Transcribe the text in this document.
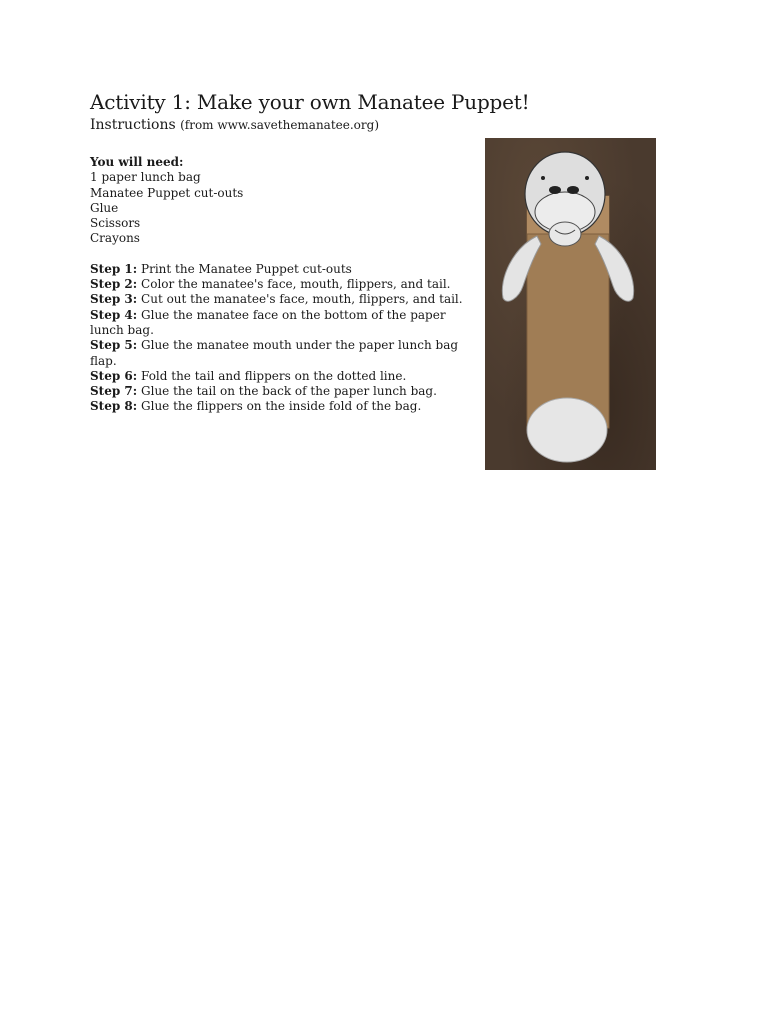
Activity 1: Make your own Manatee Puppet!
Instructions (from www.savethemanatee.org)
You will need:
1 paper lunch bag
Manatee Puppet cut-outs
Glue
Scissors
Crayons
Step 1: Print the Manatee Puppet cut-outs
Step 2: Color the manatee's face, mouth, flippers, and tail.
Step 3: Cut out the manatee's face, mouth, flippers, and tail.
Step 4: Glue the manatee face on the bottom of the paper lunch bag.
Step 5: Glue the manatee mouth under the paper lunch bag flap.
Step 6: Fold the tail and flippers on the dotted line.
Step 7: Glue the tail on the back of the paper lunch bag.
Step 8: Glue the flippers on the inside fold of the bag.
